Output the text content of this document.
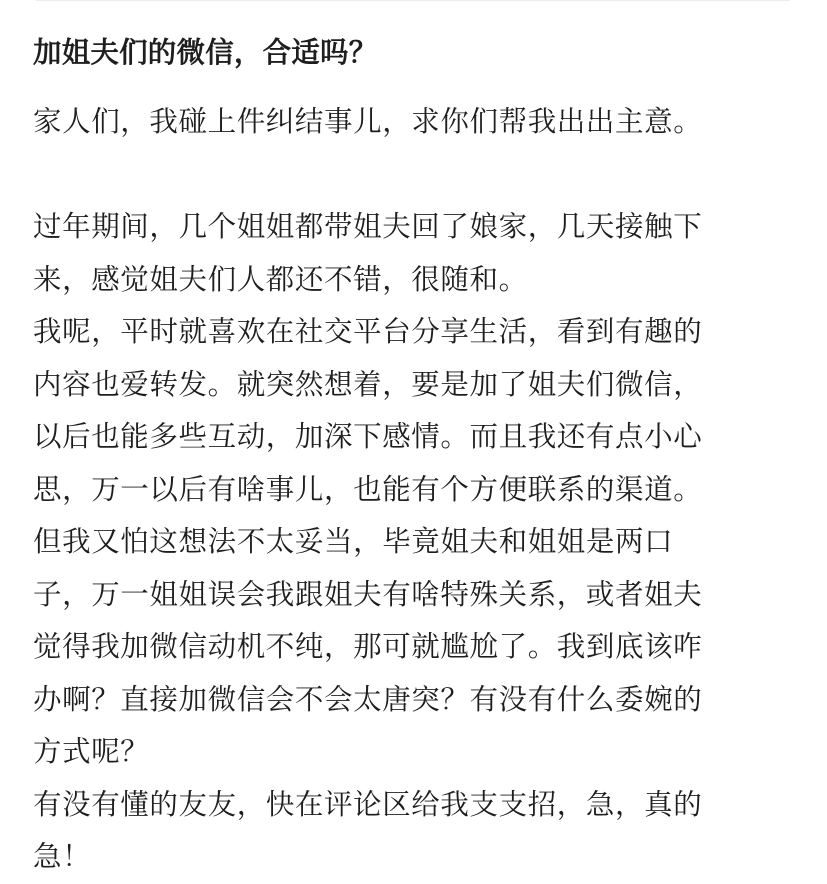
加姐夫们的微信，合适吗？

家人们，我碰上件纠结事儿，求你们帮我出出主意。

过年期间，几个姐姐都带姐夫回了娘家，几天接触下
来，感觉姐夫们人都还不错，很随和。

我呢，平时就喜欢在社交平台分享生活，看到有趣的
内容也爱转发。就突然想着，要是加了姐夫们微信，
以后也能多些互动，加深下感情。而且我还有点小心
思，万一以后有啥事儿，也能有个方便联系的渠道。
但我又怕这想法不太妥当，毕竟姐夫和姐姐是两口
子，万一姐姐误会我跟姐夫有啥特殊关系，或者姐夫
觉得我加微信动机不纯，那可就尴尬了。我到底该咋
办啊？直接加微信会不会太唐突？有没有什么委婉的
方式呢？

有没有懂的友友，快在评论区给我支支招，急，真的
急！
